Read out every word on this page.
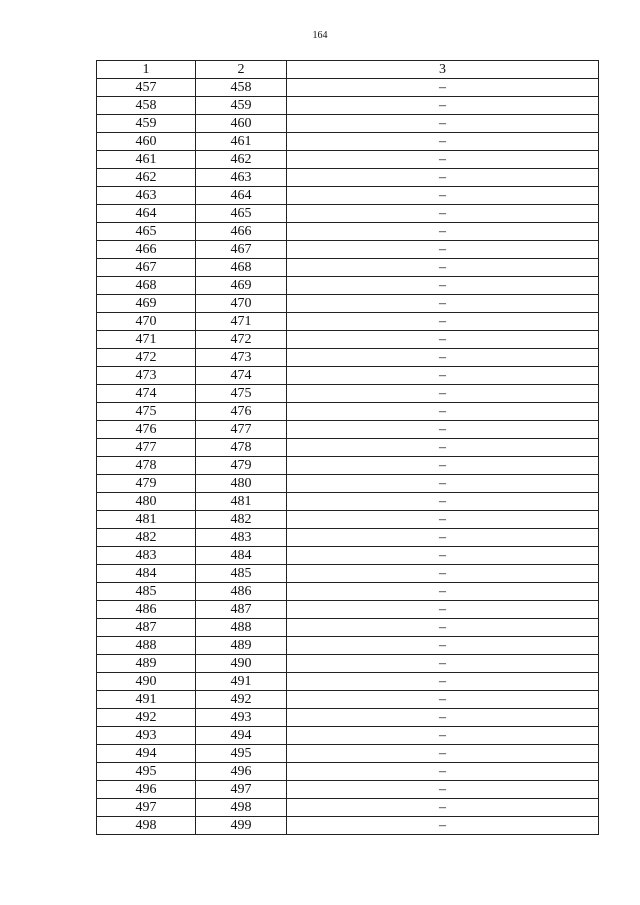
164
1	2	3
457	458	–
458	459	–
459	460	–
460	461	–
461	462	–
462	463	–
463	464	–
464	465	–
465	466	–
466	467	–
467	468	–
468	469	–
469	470	–
470	471	–
471	472	–
472	473	–
473	474	–
474	475	–
475	476	–
476	477	–
477	478	–
478	479	–
479	480	–
480	481	–
481	482	–
482	483	–
483	484	–
484	485	–
485	486	–
486	487	–
487	488	–
488	489	–
489	490	–
490	491	–
491	492	–
492	493	–
493	494	–
494	495	–
495	496	–
496	497	–
497	498	–
498	499	–
